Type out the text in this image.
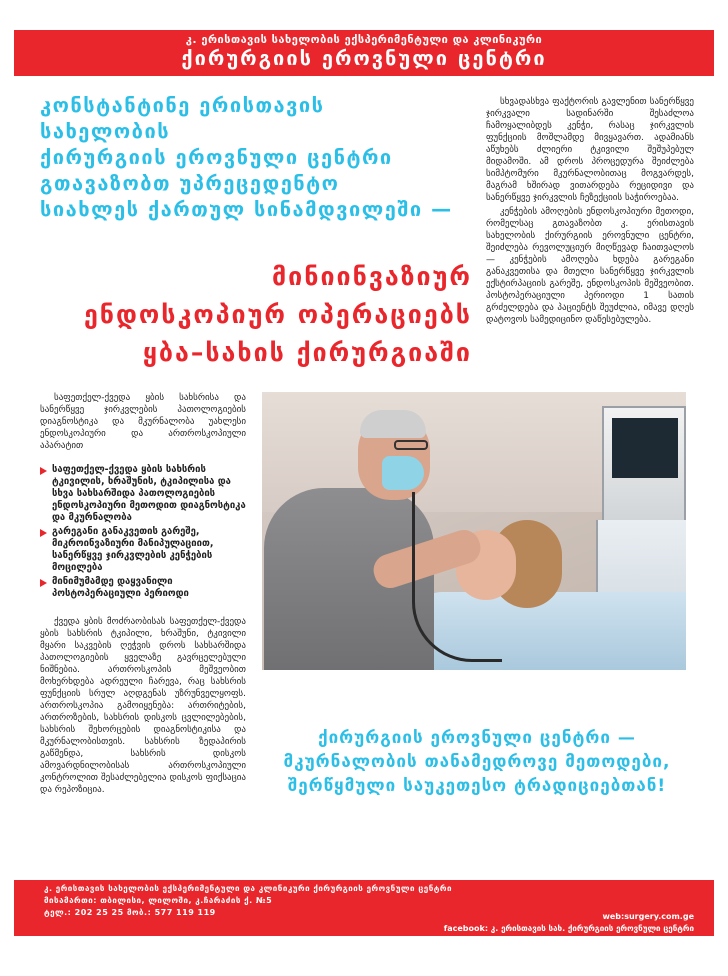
კ. ერისთავის სახელობის ექსპერიმენტული და კლინიკური
ქირურგიის ეროვნული ცენტრი
კონსტანტინე ერისთავის
სახელობის
ქირურგიის ეროვნული ცენტრი
გთავაზობთ უპრეცედენტო
სიახლეს ქართულ სინამდვილეში —
მინიინვაზიურ
ენდოსკოპიურ ოპერაციებს
ყბა–სახის ქირურგიაში

სხვადასხვა ფაქტორის გავლენით სანერწყვე ჯირკვალი სადინარში შესაძლოა ჩამოყალიბდეს კენჭი, რასაც ჯირკვლის ფუნქციის მოშლამდე მივყავართ. ადამიანს აწუხებს ძლიერი ტკივილი შეშუპებულ მიდამოში. ამ დროს პროცედურა შეიძლება სიმპტომური მკურნალობითაც მოგვარდეს, მაგრამ ხშირად ვითარდება რეციდივი და სანერწყვე ჯირკვლის ჩეზექციის საჭიროებაა.

კენჭების ამოღების ენდოსკოპიური მეთოდი, რომელსაც გთავაზობთ კ. ერისთავის სახელობის ქირურგიის ეროვნული ცენტრი, შეიძლება რევოლუციურ მიღწევად ჩაითვალოს — კენჭების ამოღება ხდება გარეგანი განაკვეთისა და მთელი სანერწყვე ჯირკვლის ექსტირპაციის გარეშე, ენდოსკოპის მეშვეობით. პოსტოპერაციული პერიოდი 1 სათის გრძელდება და პაციენტს შეუძლია, იმავე დღეს დატოვოს სამედიცინო დაწესებულება.

საფეთქელ-ქვედა ყბის სახსრისა და სანერწყვე ჯირკვლების პათოლოგიების დიაგნოსტიკა და მკურნალობა უახლესი ენდოსკოპიური და ართროსკოპიული აპარატით

საფეთქელ-ქვედა ყბის სახსრის ტკივილის, ხრაშუნის, ტკიპილისა და სხვა სახსარშიდა პათოლოგიების ენდოსკოპიური მეთოდით დიაგნოსტიკა და მკურნალობა
გარეგანი განაკვეთის გარეშე, მიკროინვაზიური მანიპულაციით, სანერწყვე ჯირკვლების კენჭების მოცილება
მინიმუმამდე დაყვანილი პოსტოპერაციული პერიოდი

ქვედა ყბის მოძრაობისას საფეთქელ-ქვედა ყბის სახსრის ტკიპილი, ხრაშუნი, ტკივილი მყარი საკვების ღეჭვის დროს სახსარშიდა პათოლოგიების ყველაზე გავრცელებული ნიშნებია. ართროსკოპის მეშვეობით მოხერხდება ადრეული ჩარევა, რაც სახსრის ფუნქციის სრულ აღდგენას უზრუნველყოფს. ართროსკოპია გამოიყენება: ართრიტების, ართროზების, სახსრის დისკოს ცვლილებების, სახსრის შეხორცების დიაგნოსტიკისა და მკურნალობისთვის. სახსრის ზედაპირის გაწმენდა, სახსრის დისკოს ამოვარდნილობისას ართროსკოპიული კონტროლით შესაძლებელია დისკოს ფიქსაცია და რეპოზიცია.

ქირურგიის ეროვნული ცენტრი —
მკურნალობის თანამედროვე მეთოდები,
შერწყმული საუკეთესო ტრადიციებთან!
კ. ერისთავის სახელობის ექსპერიმენტული და კლინიკური ქირურგიის ეროვნული ცენტრი
მისამართი: თბილისი, ლილოში, კ.ჩარაძის ქ. №5
ტელ.: 202 25 25 მობ.: 577 119 119	web:surgery.com.ge
facebook: კ. ერისთავის სახ. ქირურგიის ეროვნული ცენტრი
